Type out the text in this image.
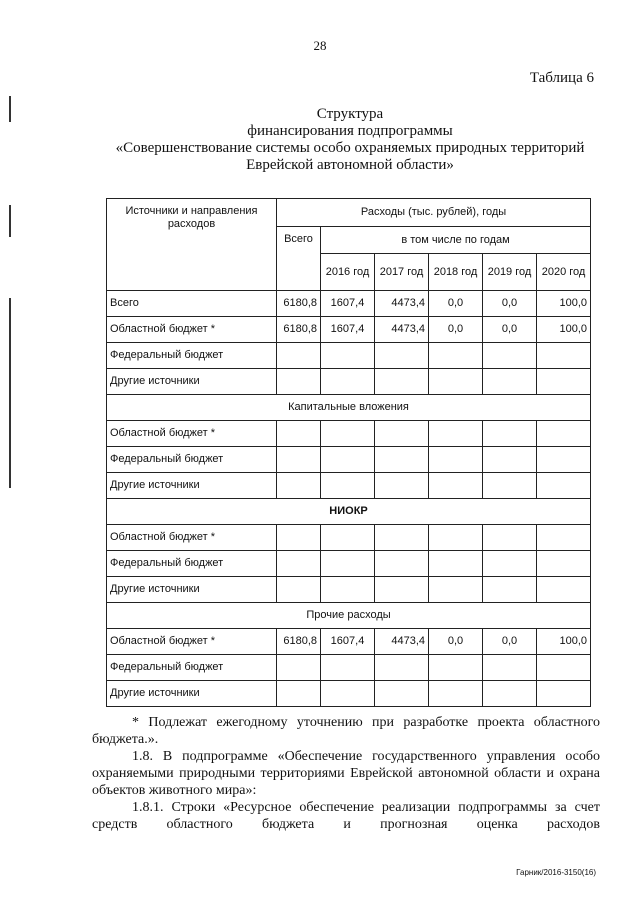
28
Таблица 6
Структура
финансирования подпрограммы
«Совершенствование системы особо охраняемых природных территорий
Еврейской автономной области»
Источники и направления расходов	Расходы (тыс. рублей), годы					
	Всего	в том числе по годам				
		2016 год	2017 год	2018 год	2019 год	2020 год
Всего	6180,8	1607,4	4473,4	0,0	0,0	100,0
Областной бюджет *	6180,8	1607,4	4473,4	0,0	0,0	100,0
Федеральный бюджет						
Другие источники						
Капитальные вложения						
Областной бюджет *						
Федеральный бюджет						
Другие источники						
НИОКР						
Областной бюджет *						
Федеральный бюджет						
Другие источники						
Прочие расходы						
Областной бюджет *	6180,8	1607,4	4473,4	0,0	0,0	100,0
Федеральный бюджет						
Другие источники						
* Подлежат ежегодному уточнению при разработке проекта областного бюджета.».
1.8. В подпрограмме «Обеспечение государственного управления особо охраняемыми природными территориями Еврейской автономной области и охрана объектов животного мира»:
1.8.1. Строки «Ресурсное обеспечение реализации подпрограммы за счет средств областного бюджета и прогнозная оценка расходов
Гарник/2016-3150(16)
